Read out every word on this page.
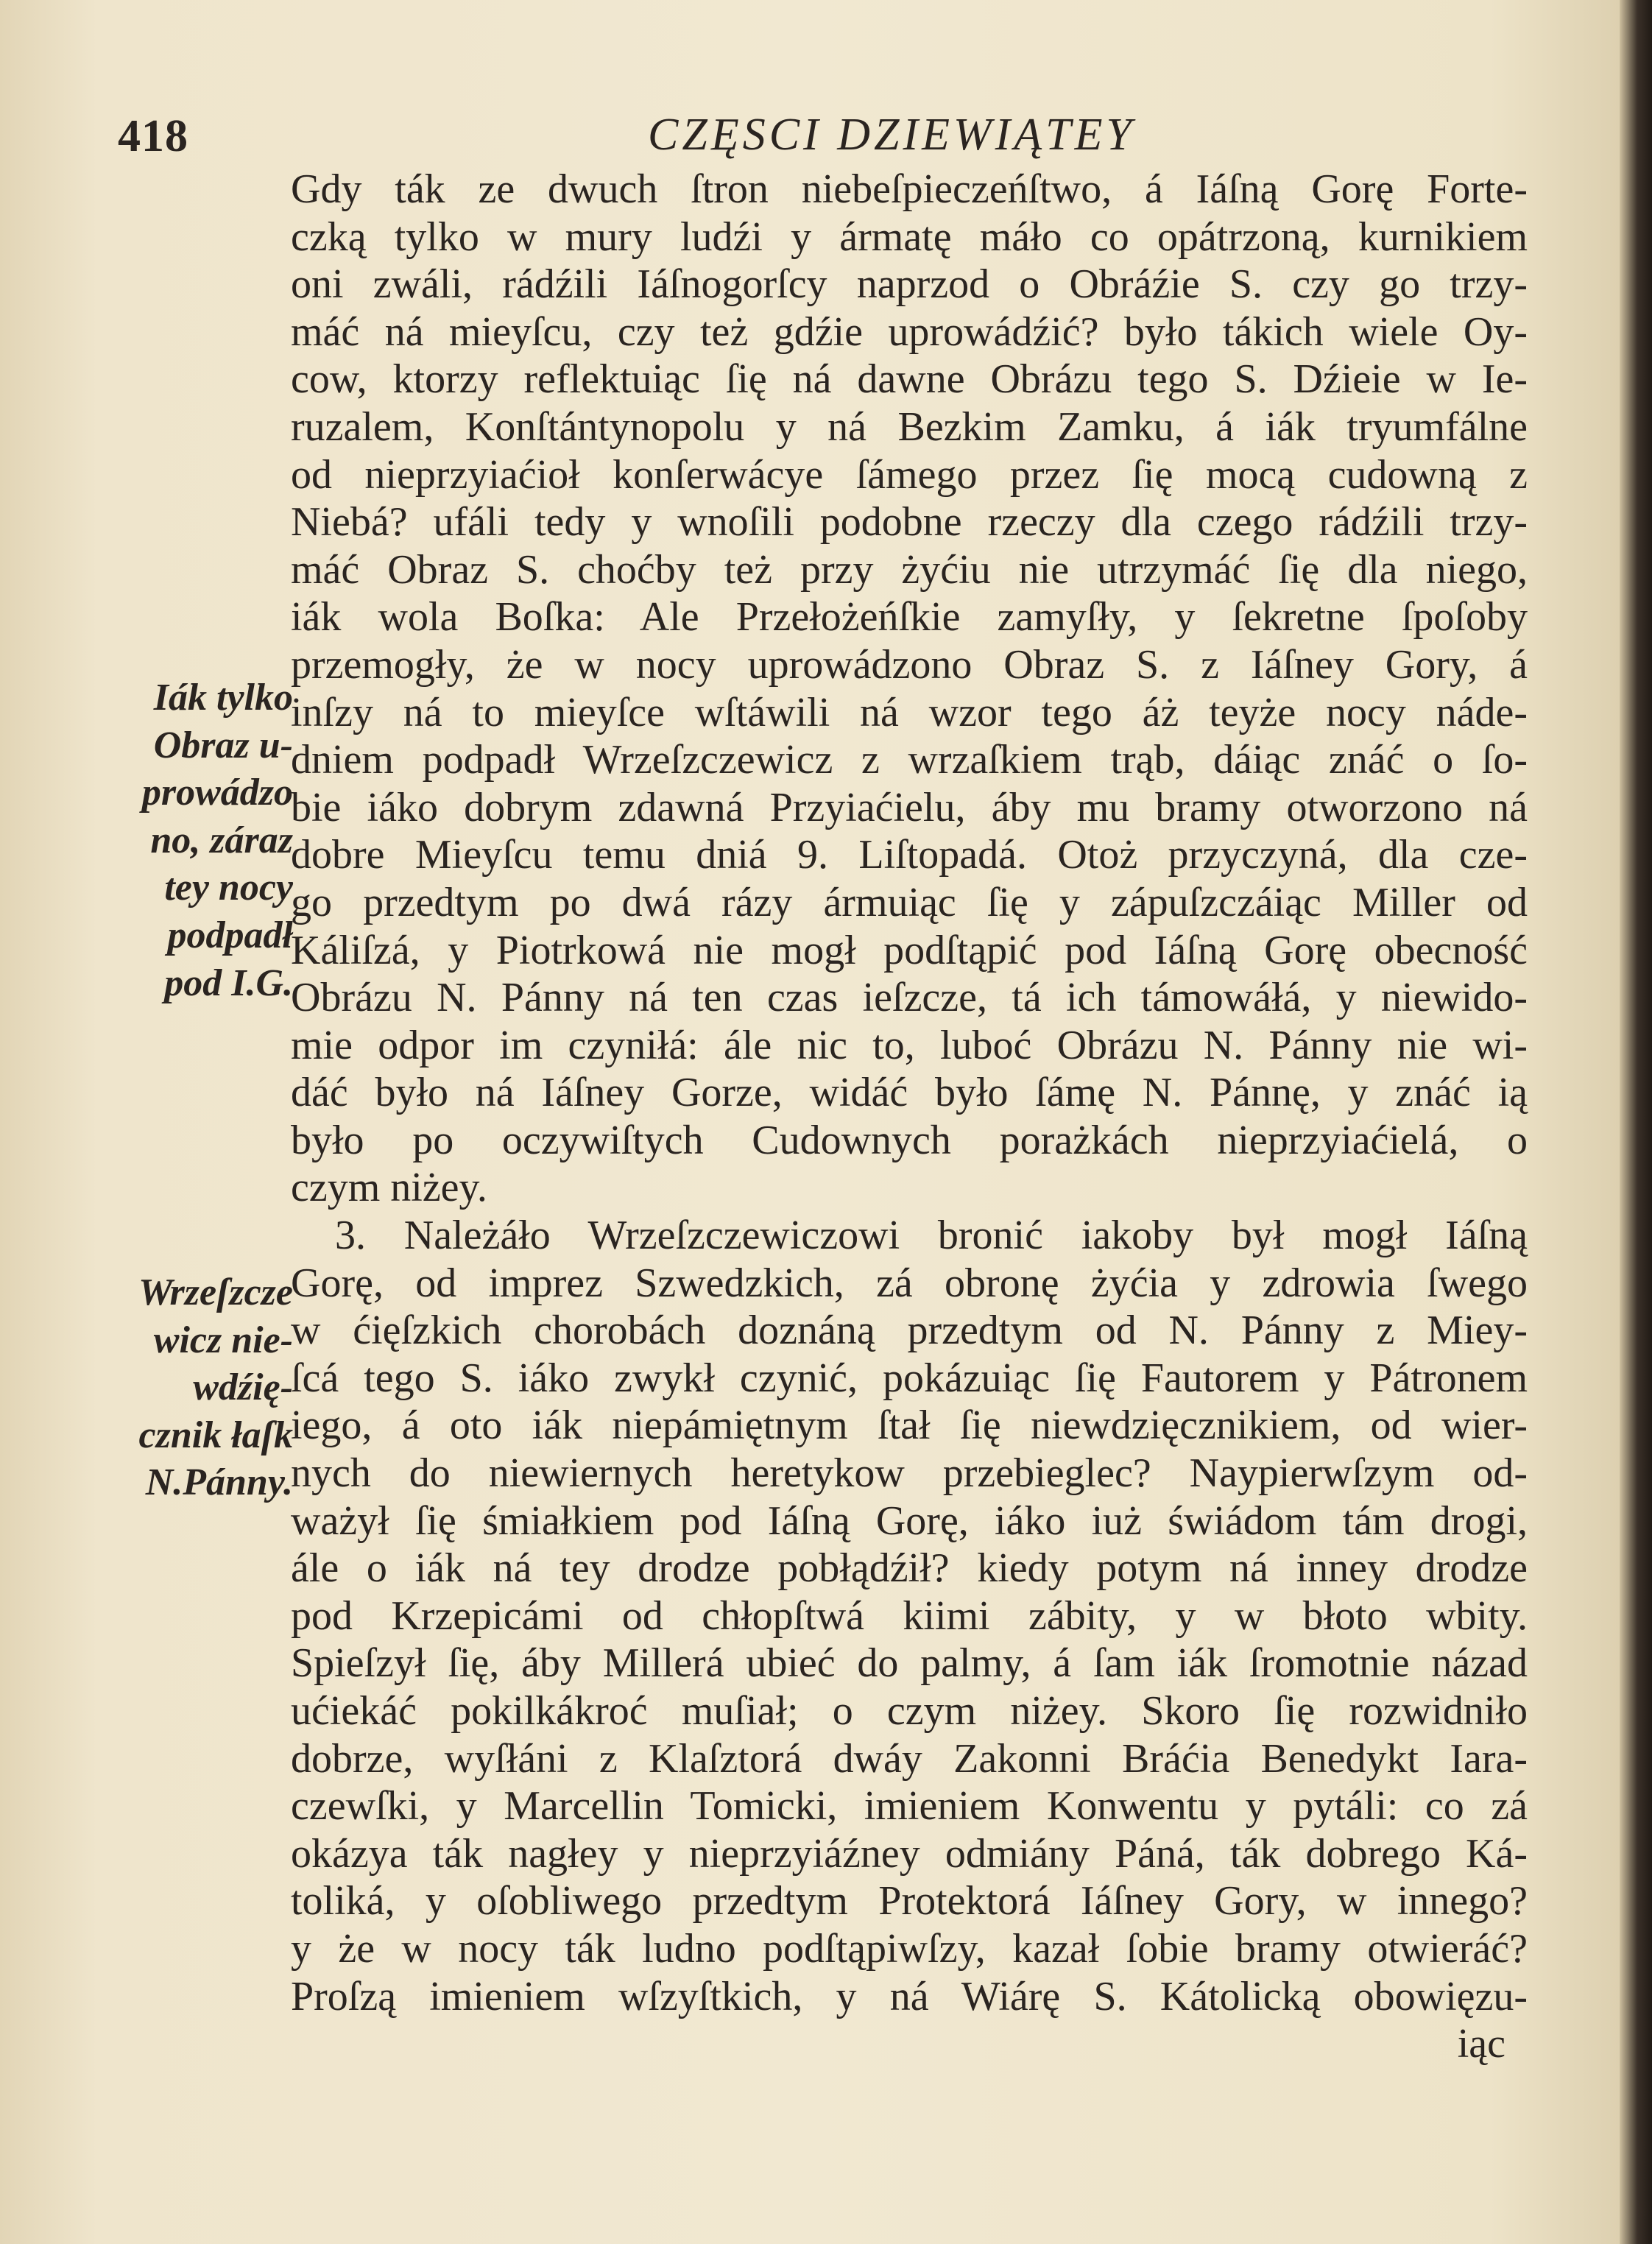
418	CZĘSCI DZIEWIĄTEY
Iák tylko
Obraz u-
prowádzo
no, záraz
tey nocy
podpadł
pod I.G.
Wrzeſzcze
wicz nie-
wdźię-
cznik łaſk
N.Pánny.
Gdy ták ze dwuch ſtron niebeſpieczeńſtwo, á Iáſną Gorę Forte-
czką tylko w mury ludźi y ármatę máło co opátrzoną, kurnikiem
oni zwáli, rádźili Iáſnogorſcy naprzod o Obráźie S. czy go trzy-
máć ná mieyſcu, czy też gdźie uprowádźić? było tákich wiele Oy-
cow, ktorzy reflektuiąc ſię ná dawne Obrázu tego S. Dźieie w Ie-
ruzalem, Konſtántynopolu y ná Bezkim Zamku, á iák tryumfálne
od nieprzyiaćioł konſerwácye ſámego przez ſię mocą cudowną z
Niebá? ufáli tedy y wnoſili podobne rzeczy dla czego rádźili trzy-
máć Obraz S. choćby też przy żyćiu nie utrzymáć ſię dla niego,
iák wola Boſka: Ale Przełożeńſkie zamyſły, y ſekretne ſpoſoby
przemogły, że w nocy uprowádzono Obraz S. z Iáſney Gory, á
inſzy ná to mieyſce wſtáwili ná wzor tego áż teyże nocy náde-
dniem podpadł Wrzeſzczewicz z wrzaſkiem trąb, dáiąc znáć o ſo-
bie iáko dobrym zdawná Przyiaćielu, áby mu bramy otworzono ná
dobre Mieyſcu temu dniá 9. Liſtopadá. Otoż przyczyná, dla cze-
go przedtym po dwá rázy ármuiąc ſię y zápuſzczáiąc Miller od
Káliſzá, y Piotrkowá nie mogł podſtąpić pod Iáſną Gorę obecność
Obrázu N. Pánny ná ten czas ieſzcze, tá ich támowáłá, y niewido-
mie odpor im czyniłá: ále nic to, luboć Obrázu N. Pánny nie wi-
dáć było ná Iáſney Gorze, widáć było ſámę N. Pánnę, y znáć ią
było po oczywiſtych Cudownych porażkách nieprzyiaćielá, o
czym niżey.
3. Należáło Wrzeſzczewiczowi bronić iakoby był mogł Iáſną
Gorę, od imprez Szwedzkich, zá obronę żyćia y zdrowia ſwego
w ćięſzkich chorobách doznáną przedtym od N. Pánny z Miey-
ſcá tego S. iáko zwykł czynić, pokázuiąc ſię Fautorem y Pátronem
iego, á oto iák niepámiętnym ſtał ſię niewdzięcznikiem, od wier-
nych do niewiernych heretykow przebieglec? Naypierwſzym od-
ważył ſię śmiałkiem pod Iáſną Gorę, iáko iuż świádom tám drogi,
ále o iák ná tey drodze pobłądźił? kiedy potym ná inney drodze
pod Krzepicámi od chłopſtwá kiimi zábity, y w błoto wbity.
Spieſzył ſię, áby Millerá ubieć do palmy, á ſam iák ſromotnie názad
ućiekáć pokilkákroć muſiał; o czym niżey. Skoro ſię rozwidniło
dobrze, wyſłáni z Klaſztorá dwáy Zakonni Bráćia Benedykt Iara-
czewſki, y Marcellin Tomicki, imieniem Konwentu y pytáli: co zá
okázya ták nagłey y nieprzyiáźney odmiány Páná, ták dobrego Ká-
toliká, y oſobliwego przedtym Protektorá Iáſney Gory, w innego?
y że w nocy ták ludno podſtąpiwſzy, kazał ſobie bramy otwieráć?
Proſzą imieniem wſzyſtkich, y ná Wiárę S. Kátolicką obowięzu-
iąc
